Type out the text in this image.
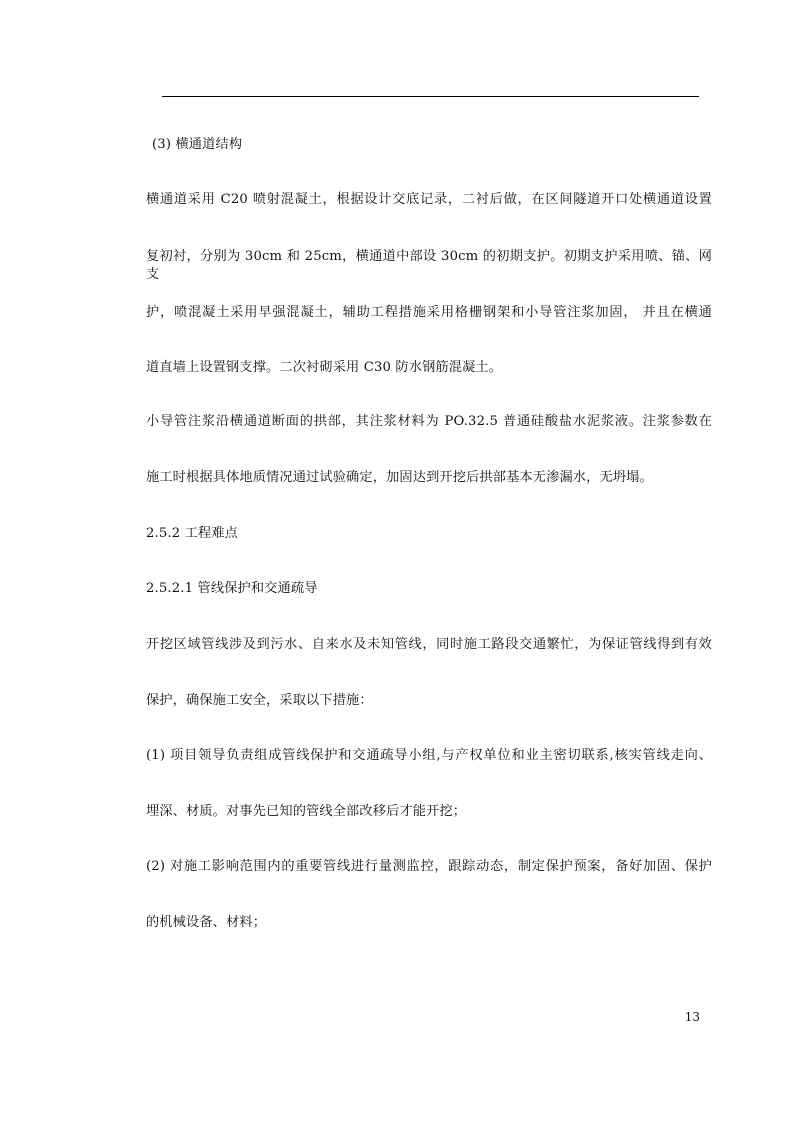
(3) 横通道结构
横通道采用 C20 喷射混凝土，根据设计交底记录，二衬后做，在区间隧道开口处横通道设置
复初衬，分别为 30cm 和 25cm，横通道中部设 30cm 的初期支护。初期支护采用喷、锚、网支
护，喷混凝土采用早强混凝土，辅助工程措施采用格栅钢架和小导管注浆加固， 并且在横通
道直墙上设置钢支撑。二次衬砌采用 C30 防水钢筋混凝土。
小导管注浆沿横通道断面的拱部，其注浆材料为 PO.32.5 普通硅酸盐水泥浆液。注浆参数在
施工时根据具体地质情况通过试验确定，加固达到开挖后拱部基本无渗漏水，无坍塌。
2.5.2 工程难点
2.5.2.1 管线保护和交通疏导
开挖区域管线涉及到污水、自来水及未知管线，同时施工路段交通繁忙，为保证管线得到有效
保护，确保施工安全，采取以下措施：
(1) 项目领导负责组成管线保护和交通疏导小组,与产权单位和业主密切联系,核实管线走向、
埋深、材质。对事先已知的管线全部改移后才能开挖；
(2) 对施工影响范围内的重要管线进行量测监控，跟踪动态，制定保护预案，备好加固、保护
的机械设备、材料；
13
